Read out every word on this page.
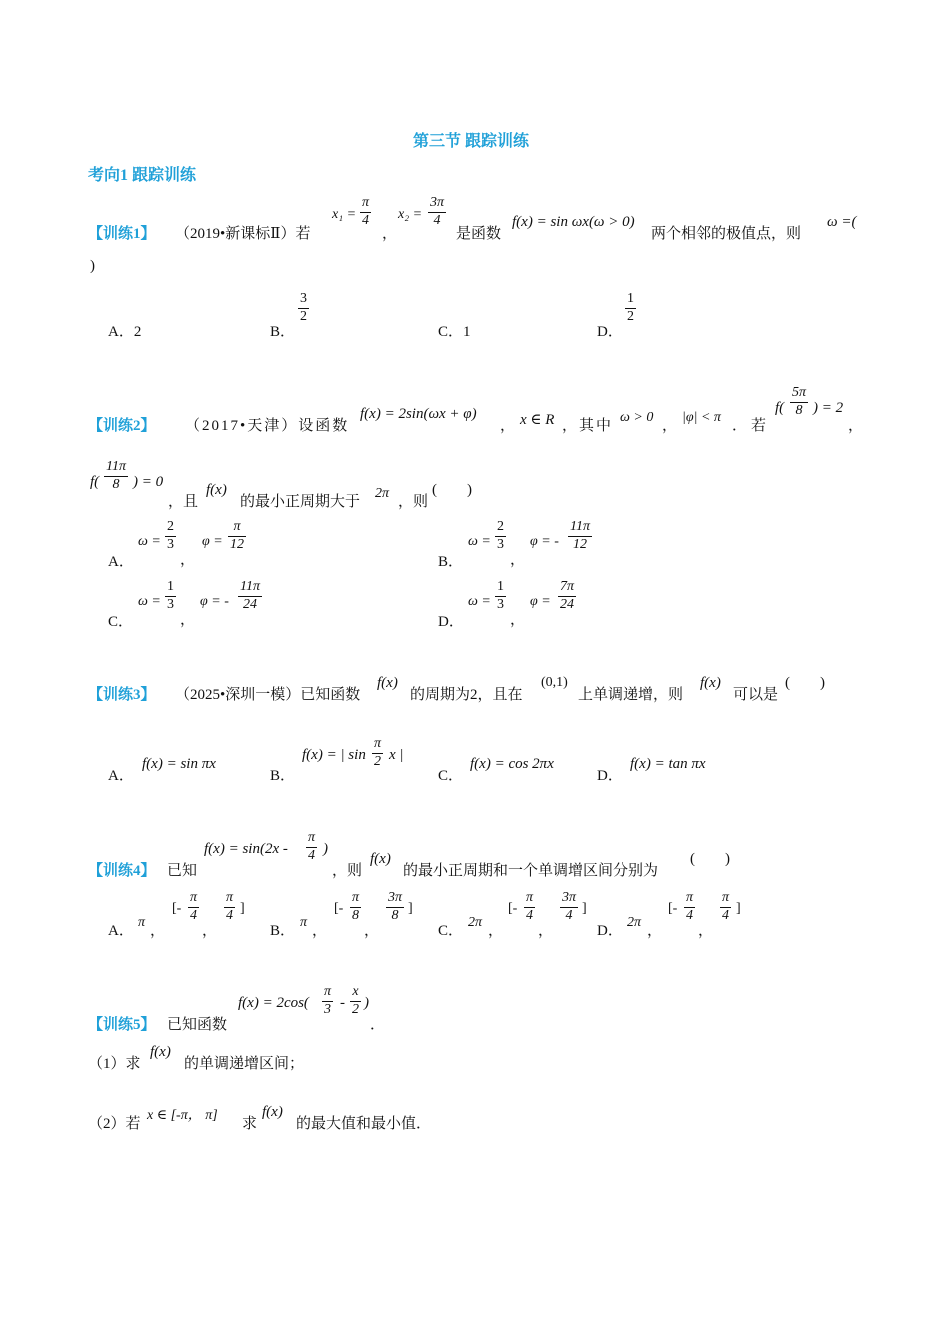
第三节 跟踪训练
考向1 跟踪训练
【训练1】 （2019•新课标Ⅱ）若
$x_1 = \frac{\pi}{4}$
，
$x_2 = \frac{3\pi}{4}$
是函数
f(x) = sin ωx(ω > 0)
两个相邻的极值点，则
ω =(
)
A．2	B．
$\frac{3}{2}$
C．1	D．
$\frac{1}{2}$
【训练2】 （2017•天津）设函数
f(x) = 2sin(ωx + φ)
， x ∈ R ，其中
ω > 0
，
|φ| < π
．若
$f( \frac{5\pi}{8}$ ) = 2
，
$f( \frac{11\pi}{8}$ ) = 0
，且
f(x)
的最小正周期大于
2π
，则
(        )
A．
$\omega = \frac{2}{3}$
，
$\varphi = \frac{\pi}{12}$
B．
$\omega = \frac{2}{3}$
，
φ = - $\frac{11\pi}{12}$
C．
$\omega = \frac{1}{3}$
，
φ = - $\frac{11\pi}{24}$
D．
$\omega = \frac{1}{3}$
，
$\varphi = \frac{7\pi}{24}$
【训练3】 （2025•深圳一模）已知函数
f(x)
的周期为2，且在
(0,1)
上单调递增，则
f(x)
可以是
(        )
A．
f(x) = sin πx
B．
f(x) = | $\sin \frac{\pi}{2}$ x |
C．
f(x) = cos 2πx
D．
f(x) = tan πx
【训练4】 已知
$f(x) = \sin(2x - \frac{\pi}{4}$ )
，则
f(x)
的最小正周期和一个单调增区间分别为
(        )
A．
π
，
[- $\frac{\pi}{4}$
，
$\frac{\pi}{4}$ ]
B．
π
，
[- $\frac{\pi}{8}$
，
$\frac{3\pi}{8}$ ]
C．
2π
，
[- $\frac{\pi}{4}$
，
$\frac{3\pi}{4}$ ]
D．
2π
，
[- $\frac{\pi}{4}$
，
$\frac{\pi}{4}$ ]
【训练5】 已知函数
$f(x) = 2\cos( \frac{\pi}{3} - \frac{x}{2}$ )
．
（1）求
f(x)
的单调递增区间；
（2）若
x ∈ [-π， π]
求
f(x)
的最大值和最小值．
